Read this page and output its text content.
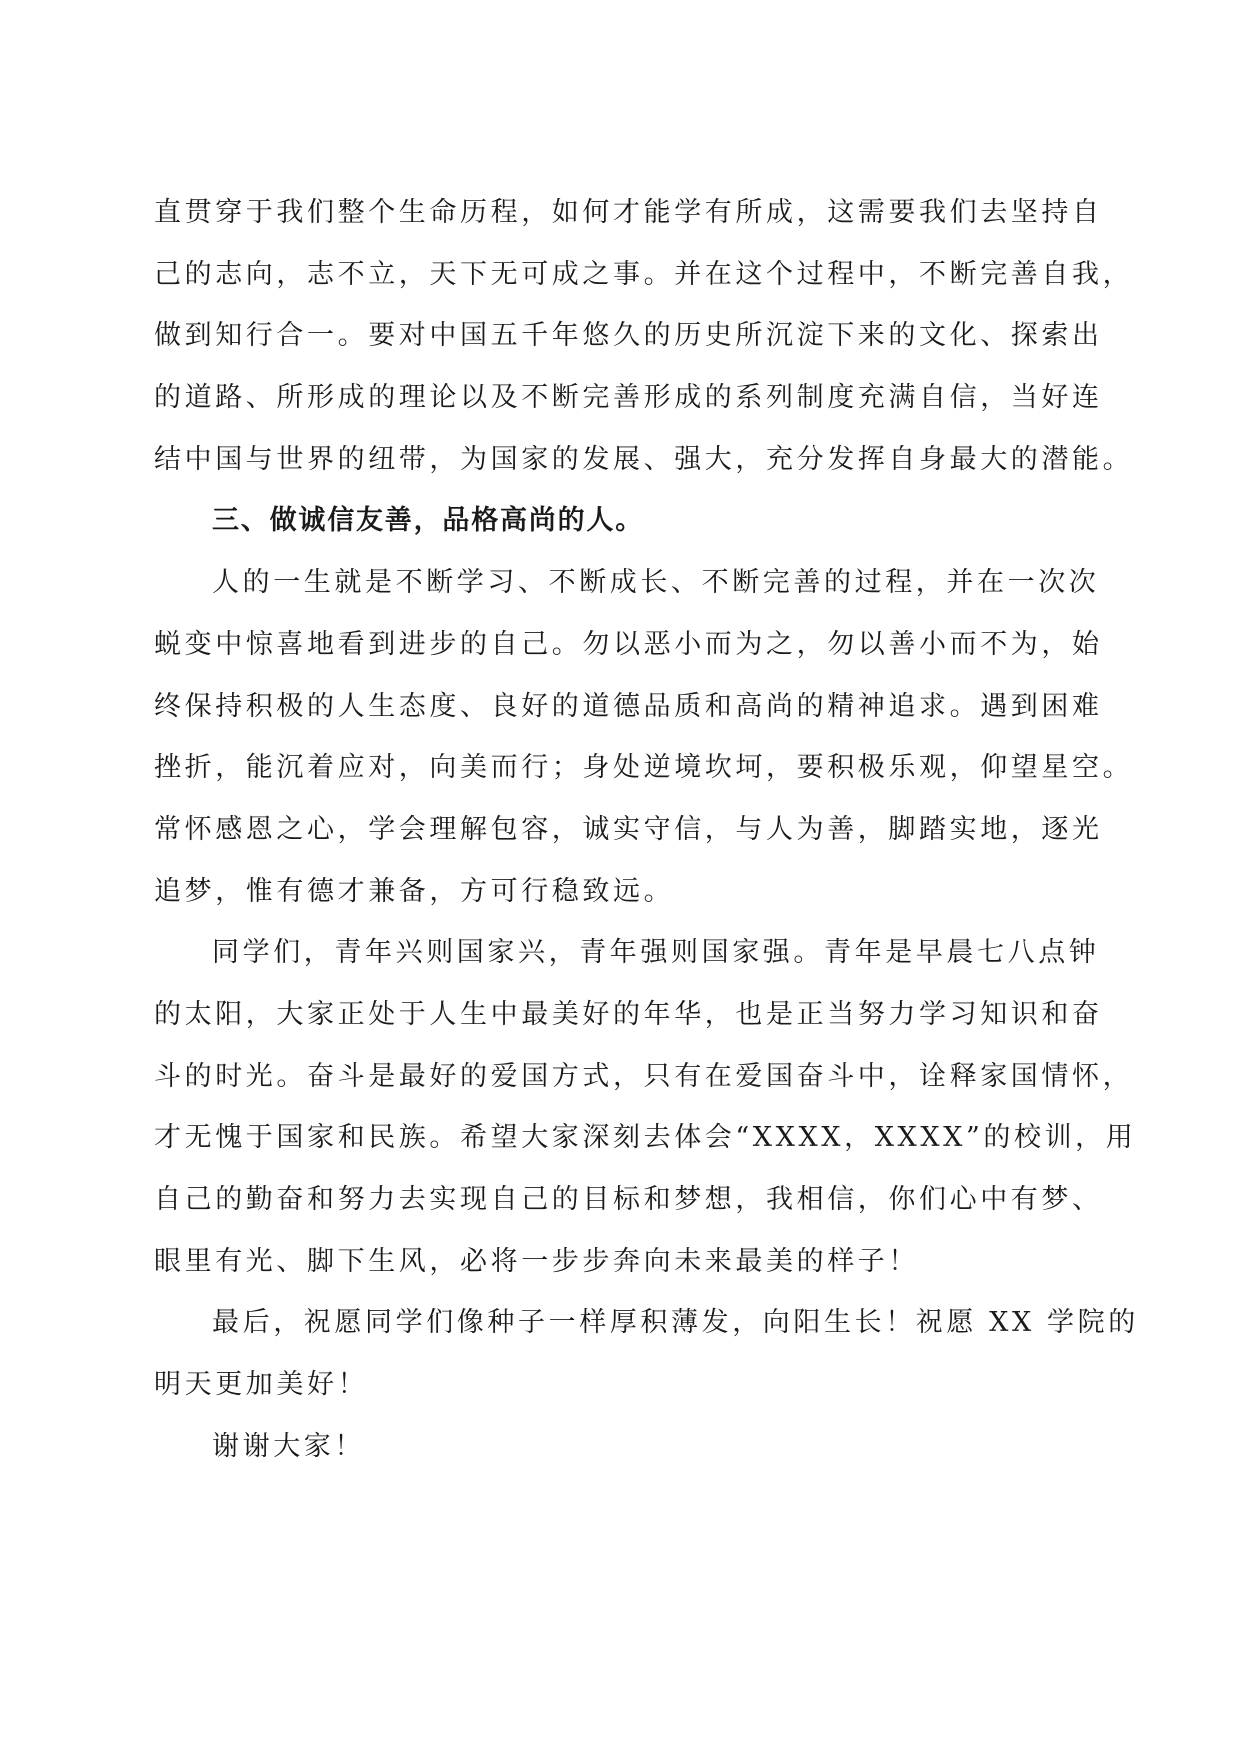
直贯穿于我们整个生命历程，如何才能学有所成，这需要我们去坚持自
己的志向，志不立，天下无可成之事。并在这个过程中，不断完善自我，
做到知行合一。要对中国五千年悠久的历史所沉淀下来的文化、探索出
的道路、所形成的理论以及不断完善形成的系列制度充满自信，当好连
结中国与世界的纽带，为国家的发展、强大，充分发挥自身最大的潜能。
三、做诚信友善，品格高尚的人。
人的一生就是不断学习、不断成长、不断完善的过程，并在一次次
蜕变中惊喜地看到进步的自己。勿以恶小而为之，勿以善小而不为，始
终保持积极的人生态度、良好的道德品质和高尚的精神追求。遇到困难
挫折，能沉着应对，向美而行；身处逆境坎坷，要积极乐观，仰望星空。
常怀感恩之心，学会理解包容，诚实守信，与人为善，脚踏实地，逐光
追梦，惟有德才兼备，方可行稳致远。
同学们，青年兴则国家兴，青年强则国家强。青年是早晨七八点钟
的太阳，大家正处于人生中最美好的年华，也是正当努力学习知识和奋
斗的时光。奋斗是最好的爱国方式，只有在爱国奋斗中，诠释家国情怀，
才无愧于国家和民族。希望大家深刻去体会“XXXX，XXXX”的校训，用
自己的勤奋和努力去实现自己的目标和梦想，我相信，你们心中有梦、
眼里有光、脚下生风，必将一步步奔向未来最美的样子！
最后，祝愿同学们像种子一样厚积薄发，向阳生长！祝愿 XX 学院的
明天更加美好！
谢谢大家！
